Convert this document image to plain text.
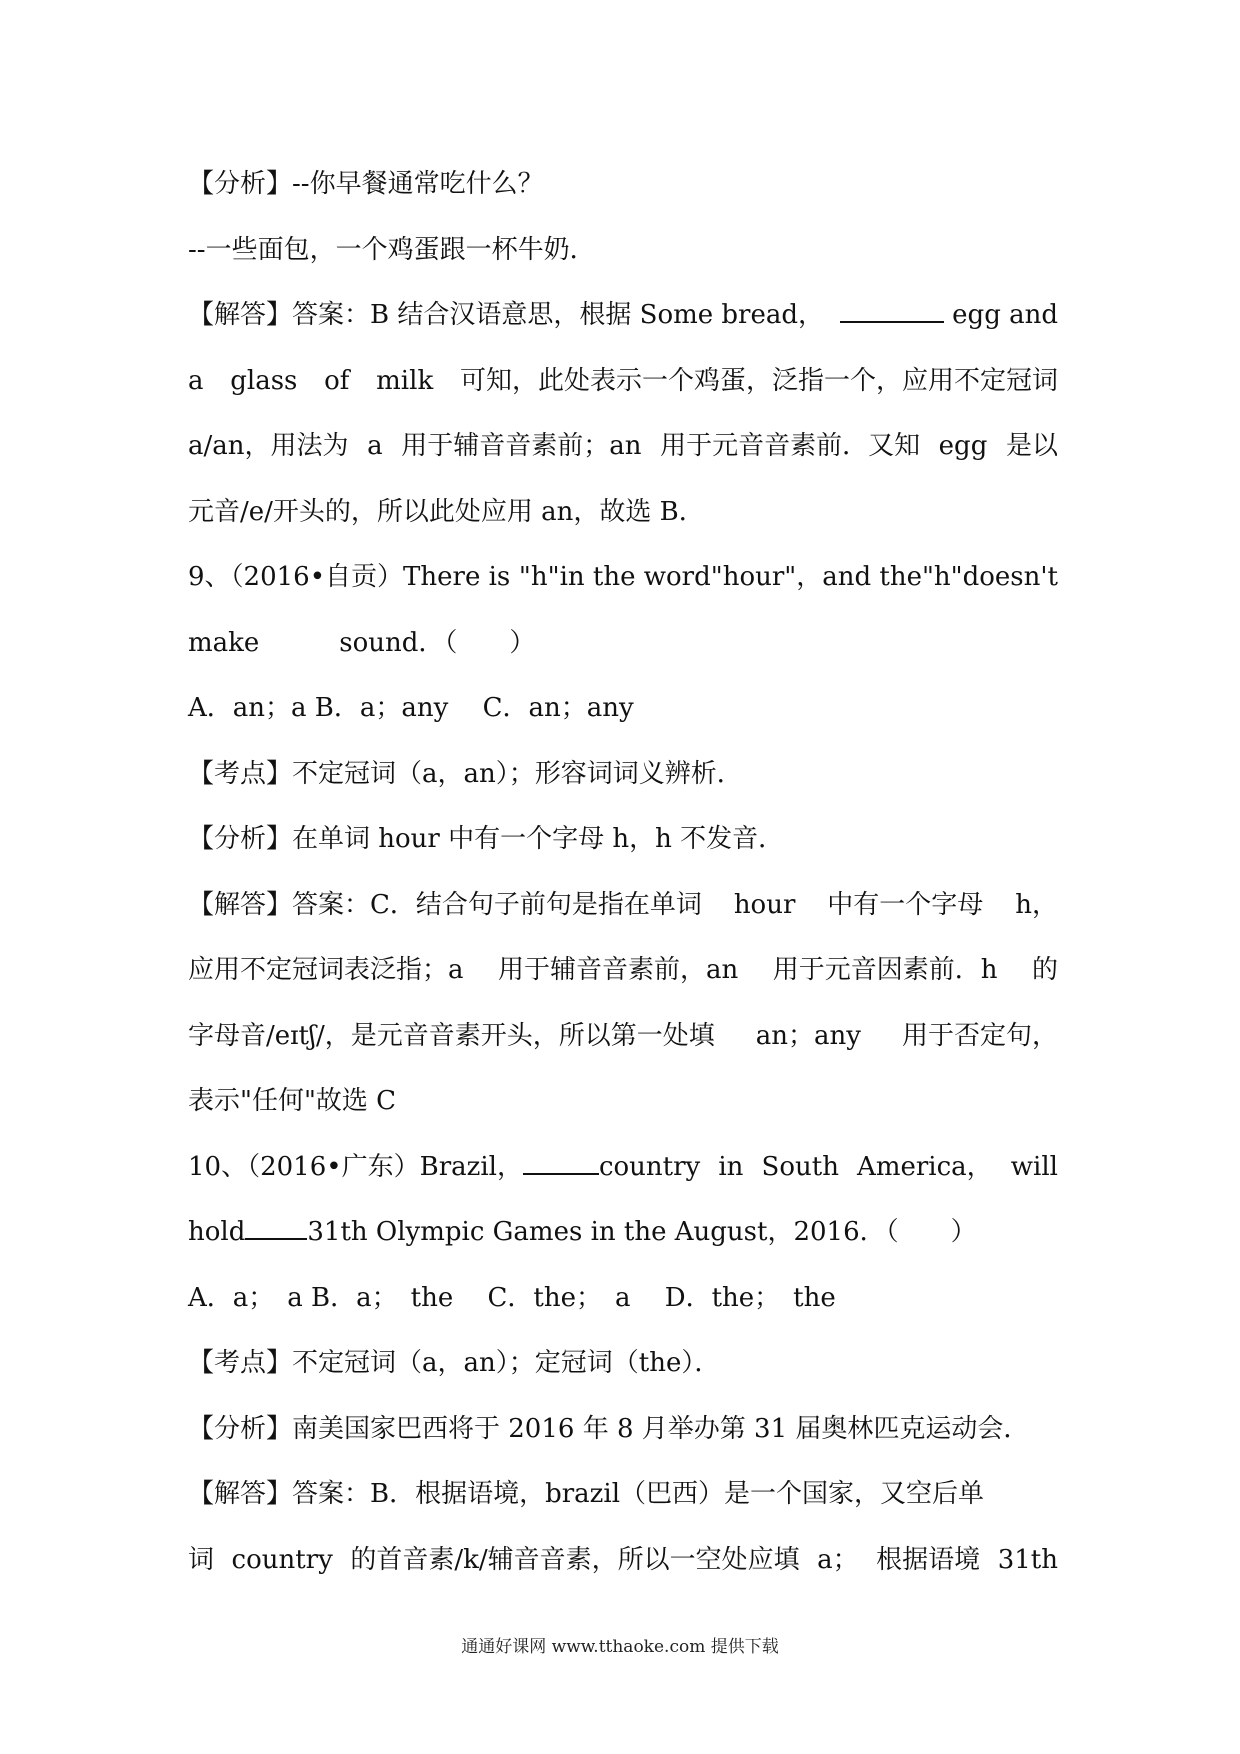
【分析】--你早餐通常吃什么？
--一些面包，一个鸡蛋跟一杯牛奶．
【解答】答案：B 结合汉语意思，根据 Some bread，	egg and
a glass of milk 可知，此处表示一个鸡蛋，泛指一个，应用不定冠词
a/an，用法为 a 用于辅音音素前；an 用于元音音素前．又知 egg 是以
元音/e/开头的，所以此处应用 an，故选 B．
9、（2016•自贡）There is "h"in the word"hour"，and the"h"doesn't
make	sound．（　　）
A．an；a B．a；any　 C．an；any
【考点】不定冠词（a，an）；形容词词义辨析．
【分析】在单词 hour 中有一个字母 h，h 不发音．
【解答】答案：C．结合句子前句是指在单词 hour 中有一个字母 h，
应用不定冠词表泛指；a 用于辅音音素前，an 用于元音因素前．h 的
字母音/eɪtʃ/，是元音音素开头，所以第一处填 an；any 用于否定句，
表示"任何"故选 C
10、（2016•广东）Brazil，	country in South America， will
hold 31th Olympic Games in the August，2016．（　　）
A．a；　a B．a；　the　 C．the；　a　 D．the；　the
【考点】不定冠词（a，an）；定冠词（the）．
【分析】南美国家巴西将于 2016 年 8 月举办第 31 届奥林匹克运动会．
【解答】答案：B．根据语境，brazil（巴西）是一个国家，又空后单
词 country 的首音素/k/辅音音素，所以一空处应填 a； 根据语境 31th
通通好课网 www.tthaoke.com 提供下载
